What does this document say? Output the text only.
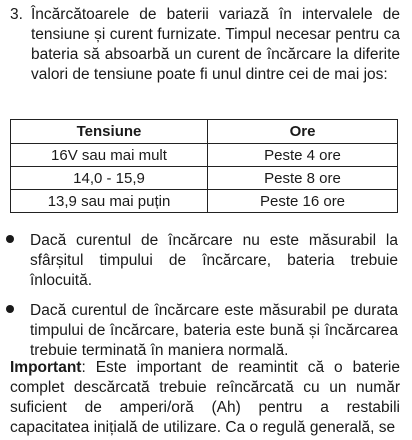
3. Încărcătoarele de baterii variază în intervalele de tensiune și curent furnizate. Timpul necesar pentru ca bateria să absoarbă un curent de încărcare la diferite valori de tensiune poate fi unul dintre cei de mai jos:
Tensiune	Ore
16V sau mai mult	Peste 4 ore
14,0 - 15,9	Peste 8 ore
13,9 sau mai puțin	Peste 16 ore
Dacă curentul de încărcare nu este măsurabil la sfârșitul timpului de încărcare, bateria trebuie înlocuită.
Dacă curentul de încărcare este măsurabil pe durata timpului de încărcare, bateria este bună și încărcarea trebuie terminată în maniera normală.
Important: Este important de reamintit că o baterie complet descărcată trebuie reîncărcată cu un număr suficient de amperi/oră (Ah) pentru a restabili capacitatea inițială de utilizare. Ca o regulă generală, se
